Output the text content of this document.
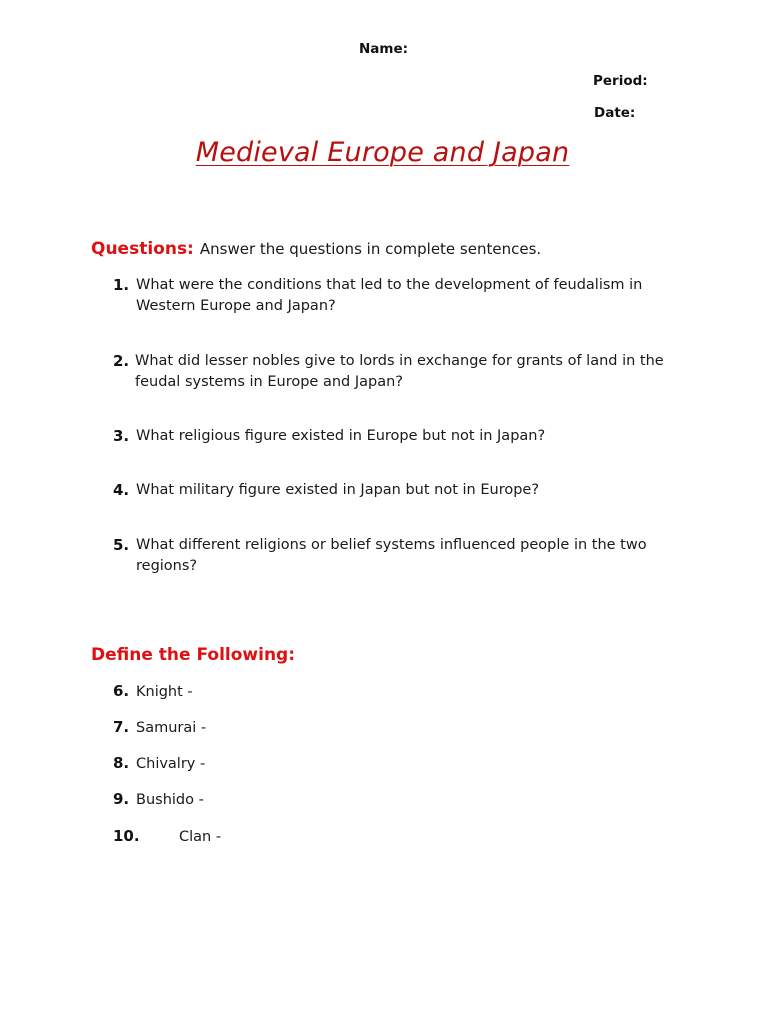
Name:
Period:
Date:
Medieval Europe and Japan
Questions: Answer the questions in complete sentences.
1. What were the conditions that led to the development of feudalism in Western Europe and Japan?
2. What did lesser nobles give to lords in exchange for grants of land in the feudal systems in Europe and Japan?
3. What religious figure existed in Europe but not in Japan?
4. What military figure existed in Japan but not in Europe?
5. What different religions or belief systems influenced people in the two regions?
Define the Following:
6. Knight -
7. Samurai -
8. Chivalry -
9. Bushido -
10.	Clan -
